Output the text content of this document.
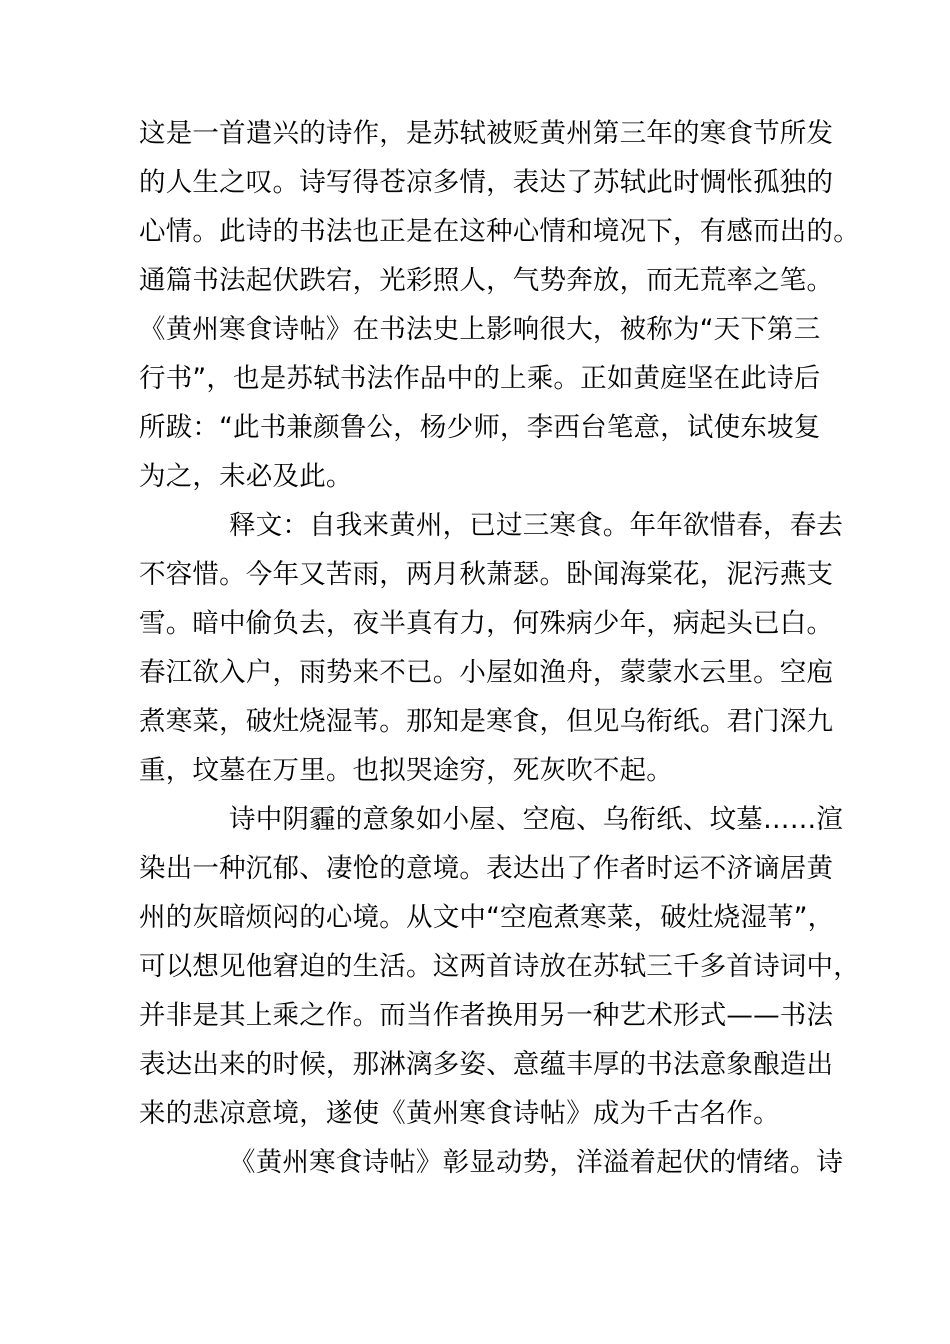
这是一首遣兴的诗作，是苏轼被贬黄州第三年的寒食节所发
的人生之叹。诗写得苍凉多情，表达了苏轼此时惆怅孤独的
心情。此诗的书法也正是在这种心情和境况下，有感而出的。
通篇书法起伏跌宕，光彩照人，气势奔放，而无荒率之笔。
《黄州寒食诗帖》在书法史上影响很大，被称为“天下第三
行书”，也是苏轼书法作品中的上乘。正如黄庭坚在此诗后
所跋：“此书兼颜鲁公，杨少师，李西台笔意，试使东坡复
为之，未必及此。
释文：自我来黄州，已过三寒食。年年欲惜春，春去
不容惜。今年又苦雨，两月秋萧瑟。卧闻海棠花，泥污燕支
雪。暗中偷负去，夜半真有力，何殊病少年，病起头已白。
春江欲入户，雨势来不已。小屋如渔舟，蒙蒙水云里。空庖
煮寒菜，破灶烧湿苇。那知是寒食，但见乌衔纸。君门深九
重，坟墓在万里。也拟哭途穷，死灰吹不起。
诗中阴霾的意象如小屋、空庖、乌衔纸、坟墓……渲
染出一种沉郁、凄怆的意境。表达出了作者时运不济谪居黄
州的灰暗烦闷的心境。从文中“空庖煮寒菜，破灶烧湿苇”，
可以想见他窘迫的生活。这两首诗放在苏轼三千多首诗词中，
并非是其上乘之作。而当作者换用另一种艺术形式——书法
表达出来的时候，那淋漓多姿、意蕴丰厚的书法意象酿造出
来的悲凉意境，遂使《黄州寒食诗帖》成为千古名作。
《黄州寒食诗帖》彰显动势，洋溢着起伏的情绪。诗
